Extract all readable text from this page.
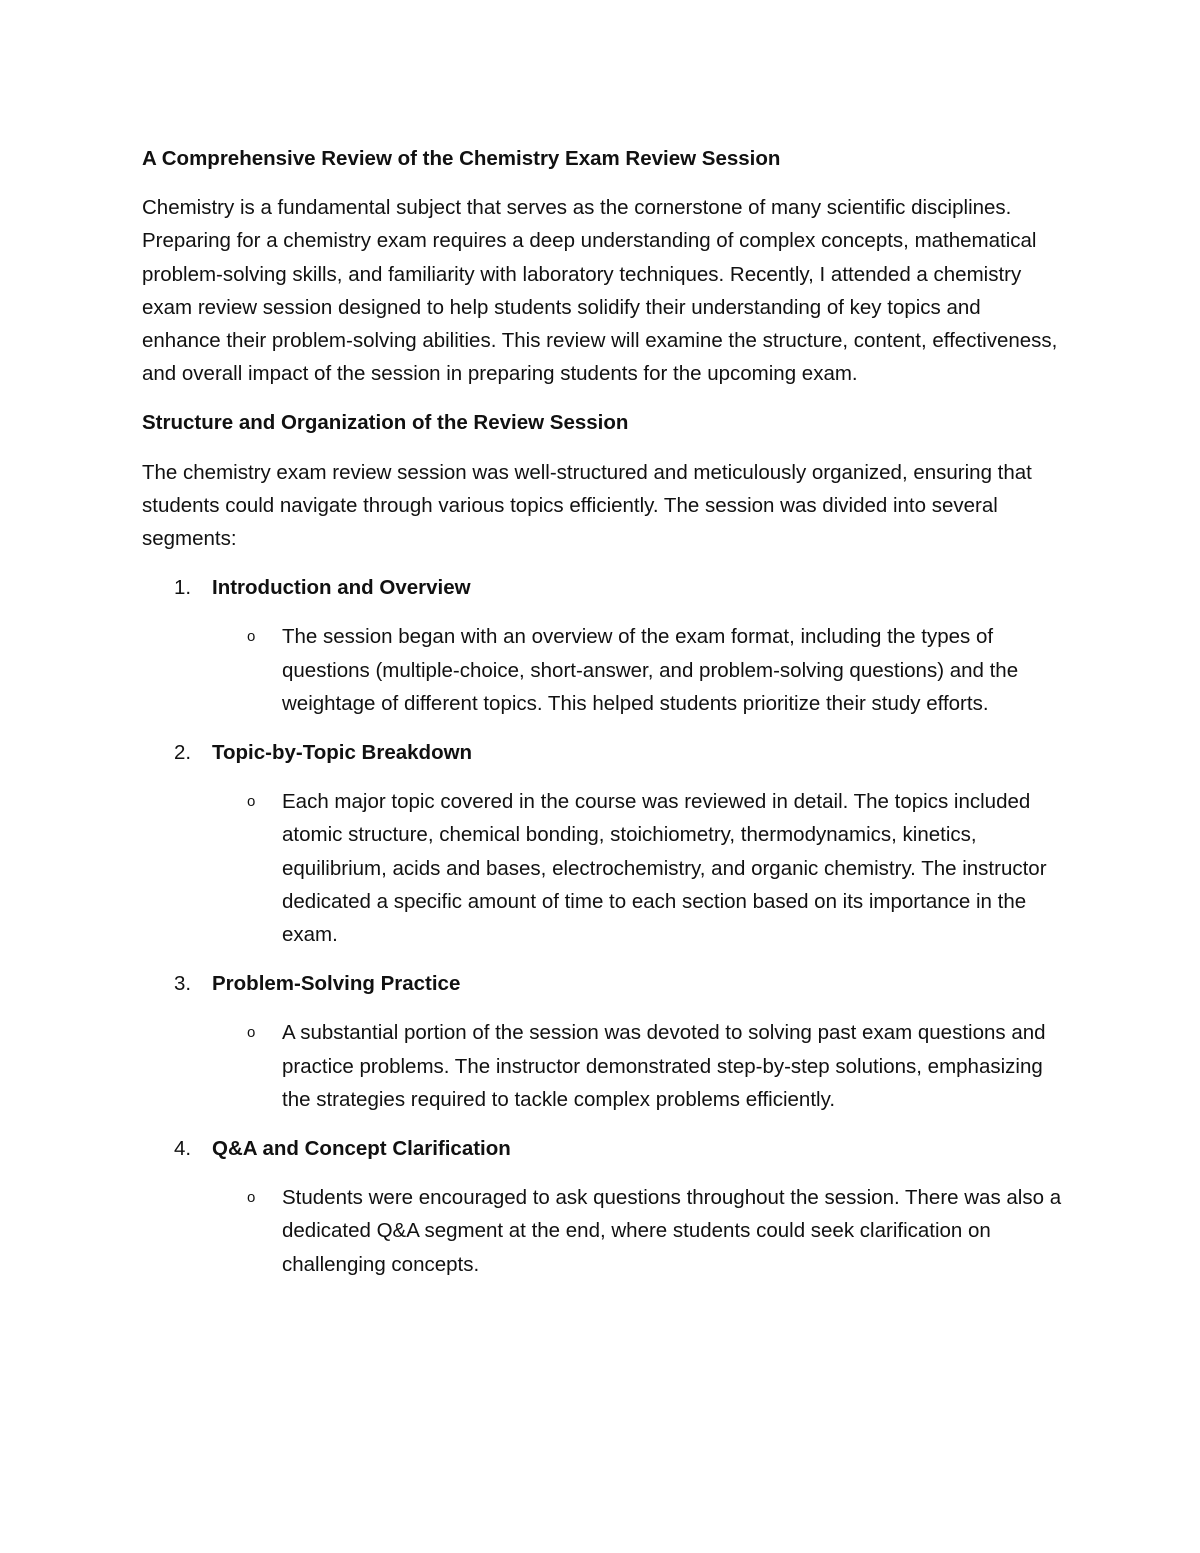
A Comprehensive Review of the Chemistry Exam Review Session

Chemistry is a fundamental subject that serves as the cornerstone of many scientific disciplines. Preparing for a chemistry exam requires a deep understanding of complex concepts, mathematical problem-solving skills, and familiarity with laboratory techniques. Recently, I attended a chemistry exam review session designed to help students solidify their understanding of key topics and enhance their problem-solving abilities. This review will examine the structure, content, effectiveness, and overall impact of the session in preparing students for the upcoming exam.

Structure and Organization of the Review Session

The chemistry exam review session was well-structured and meticulously organized, ensuring that students could navigate through various topics efficiently. The session was divided into several segments:

1.	Introduction and Overview
o The session began with an overview of the exam format, including the types of questions (multiple-choice, short-answer, and problem-solving questions) and the weightage of different topics. This helped students prioritize their study efforts.
2.	Topic-by-Topic Breakdown
o Each major topic covered in the course was reviewed in detail. The topics included atomic structure, chemical bonding, stoichiometry, thermodynamics, kinetics, equilibrium, acids and bases, electrochemistry, and organic chemistry. The instructor dedicated a specific amount of time to each section based on its importance in the exam.
3.	Problem-Solving Practice
o A substantial portion of the session was devoted to solving past exam questions and practice problems. The instructor demonstrated step-by-step solutions, emphasizing the strategies required to tackle complex problems efficiently.
4.	Q&A and Concept Clarification
o Students were encouraged to ask questions throughout the session. There was also a dedicated Q&A segment at the end, where students could seek clarification on challenging concepts.
